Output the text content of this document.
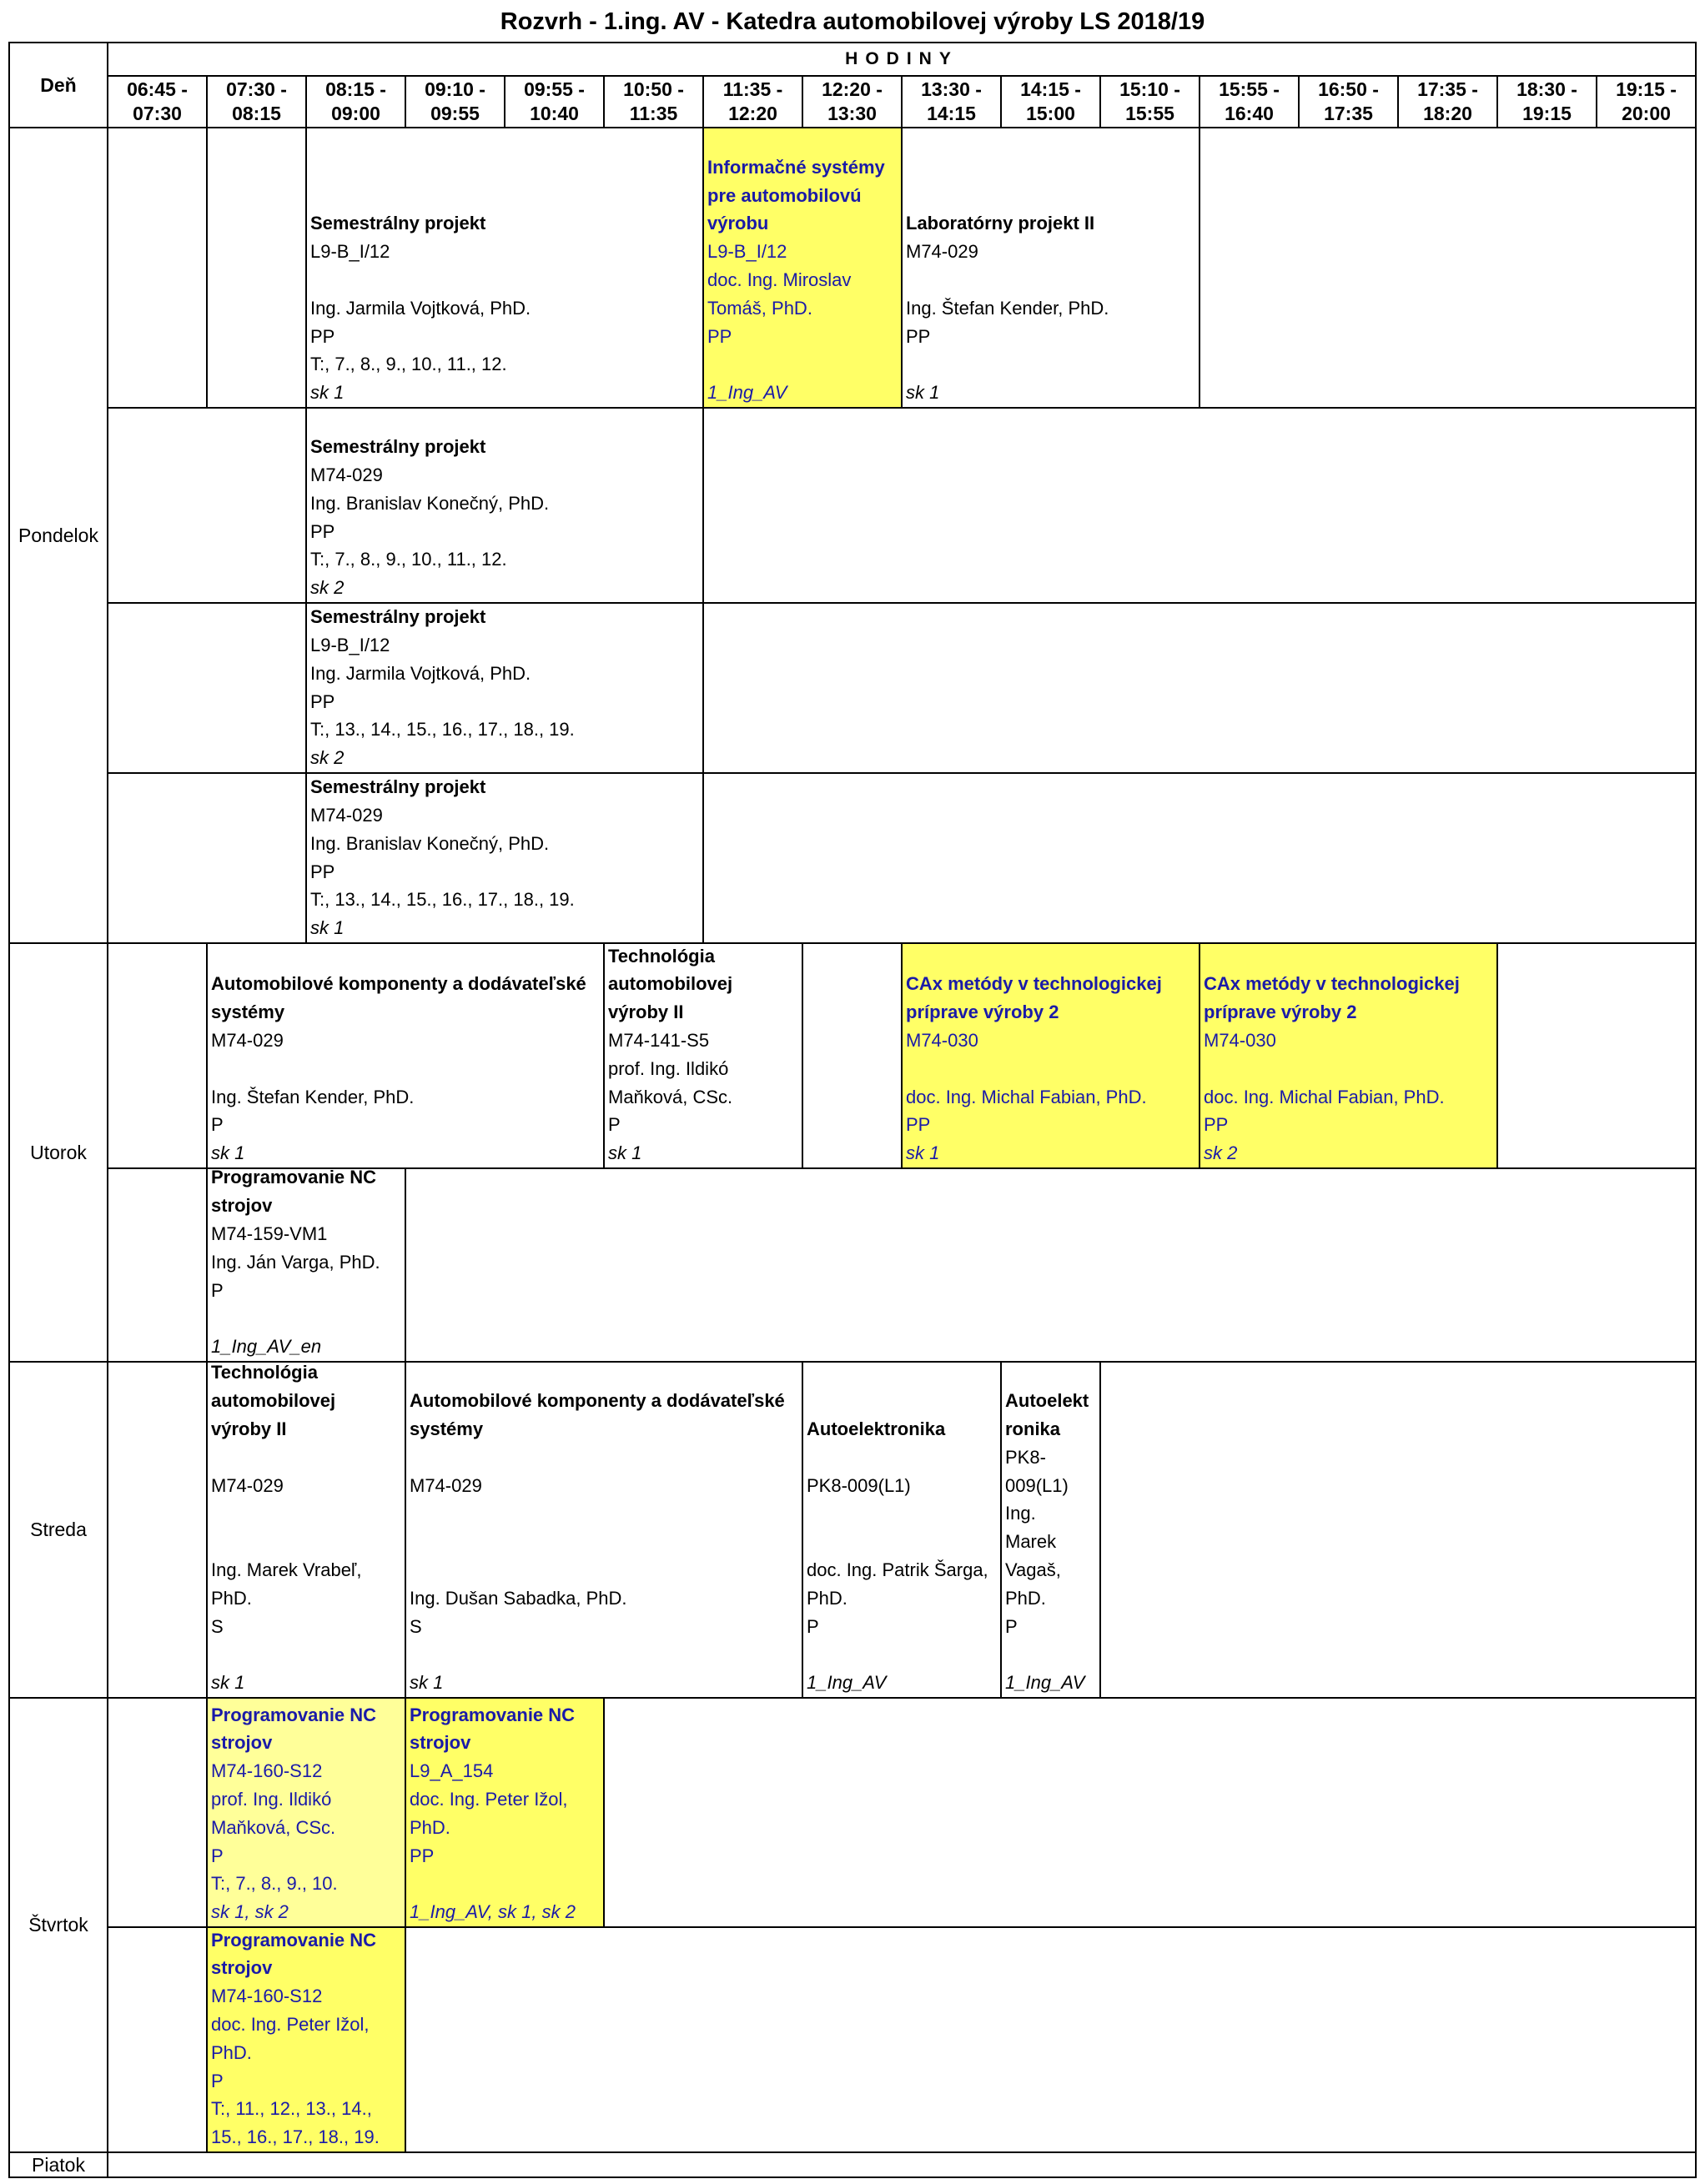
Rozvrh - 1.ing. AV - Katedra automobilovej výroby LS 2018/19
Deň
HODINY
06:45 -
07:30
07:30 -
08:15
08:15 -
09:00
09:10 -
09:55
09:55 -
10:40
10:50 -
11:35
11:35 -
12:20
12:20 -
13:30
13:30 -
14:15
14:15 -
15:00
15:10 -
15:55
15:55 -
16:40
16:50 -
17:35
17:35 -
18:20
18:30 -
19:15
19:15 -
20:00
Pondelok
Utorok
Streda
Štvrtok
Piatok
Semestrálny projekt
L9-B_I/12
Ing. Jarmila Vojtková, PhD.
PP
T:, 7., 8., 9., 10., 11., 12.
sk 1
Informačné systémy
pre automobilovú
výrobu
L9-B_I/12
doc. Ing. Miroslav
Tomáš, PhD.
PP
1_Ing_AV
Laboratórny projekt II
M74-029
Ing. Štefan Kender, PhD.
PP
sk 1
Semestrálny projekt
M74-029
Ing. Branislav Konečný, PhD.
PP
T:, 7., 8., 9., 10., 11., 12.
sk 2
Semestrálny projekt
L9-B_I/12
Ing. Jarmila Vojtková, PhD.
PP
T:, 13., 14., 15., 16., 17., 18., 19.
sk 2
Semestrálny projekt
M74-029
Ing. Branislav Konečný, PhD.
PP
T:, 13., 14., 15., 16., 17., 18., 19.
sk 1
Automobilové komponenty a dodávateľské
systémy
M74-029
Ing. Štefan Kender, PhD.
P
sk 1
Technológia
automobilovej
výroby II
M74-141-S5
prof. Ing. Ildikó
Maňková, CSc.
P
sk 1
CAx metódy v technologickej
príprave výroby 2
M74-030
doc. Ing. Michal Fabian, PhD.
PP
sk 1
CAx metódy v technologickej
príprave výroby 2
M74-030
doc. Ing. Michal Fabian, PhD.
PP
sk 2
Programovanie NC
strojov
M74-159-VM1
Ing. Ján Varga, PhD.
P
1_Ing_AV_en
Technológia
automobilovej
výroby II
M74-029
Ing. Marek Vrabeľ,
PhD.
S
sk 1
Automobilové komponenty a dodávateľské
systémy
M74-029
Ing. Dušan Sabadka, PhD.
S
sk 1
Autoelektronika
PK8-009(L1)
doc. Ing. Patrik Šarga,
PhD.
P
1_Ing_AV
Autoelekt
ronika
PK8-
009(L1)
Ing.
Marek
Vagaš,
PhD.
P
1_Ing_AV
Programovanie NC
strojov
M74-160-S12
prof. Ing. Ildikó
Maňková, CSc.
P
T:, 7., 8., 9., 10.
sk 1, sk 2
Programovanie NC
strojov
L9_A_154
doc. Ing. Peter Ižol,
PhD.
PP
1_Ing_AV, sk 1, sk 2
Programovanie NC
strojov
M74-160-S12
doc. Ing. Peter Ižol,
PhD.
P
T:, 11., 12., 13., 14.,
15., 16., 17., 18., 19.
